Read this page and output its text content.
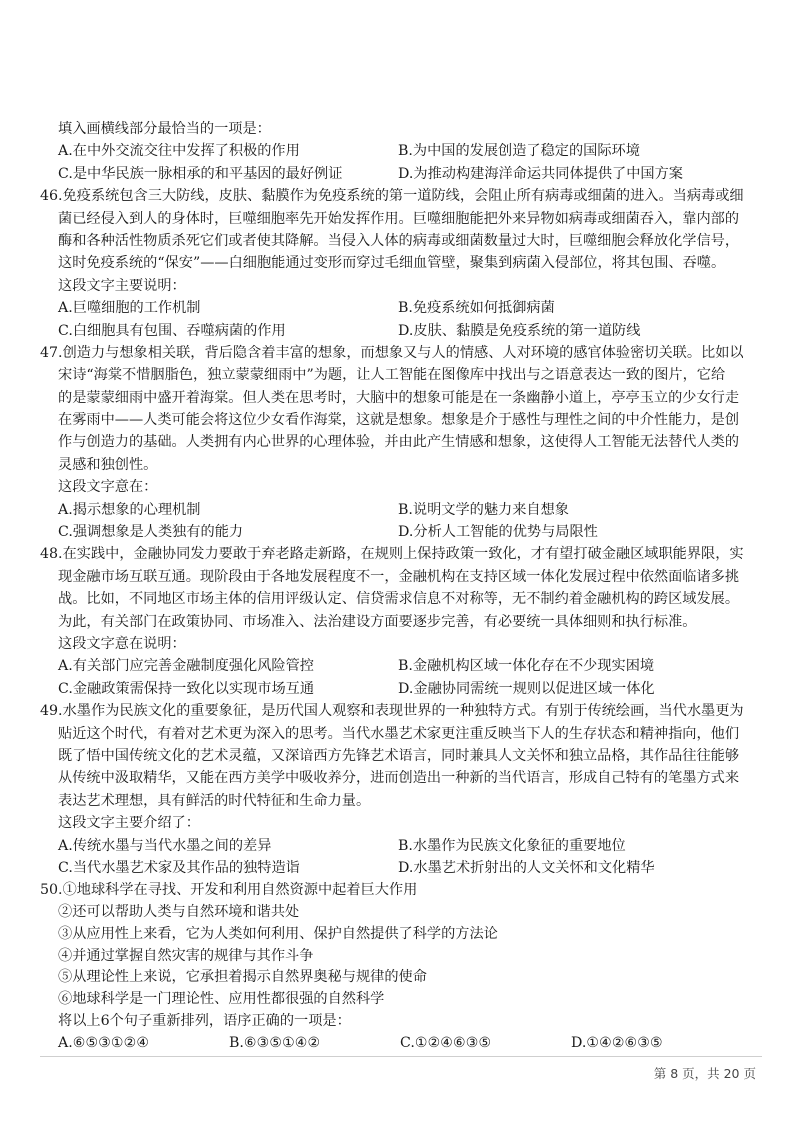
填入画横线部分最恰当的一项是：
A.在中外交流交往中发挥了积极的作用	B.为中国的发展创造了稳定的国际环境
C.是中华民族一脉相承的和平基因的最好例证	D.为推动构建海洋命运共同体提供了中国方案
46.免疫系统包含三大防线，皮肤、黏膜作为免疫系统的第一道防线，会阻止所有病毒或细菌的进入。当病毒或细
菌已经侵入到人的身体时，巨噬细胞率先开始发挥作用。巨噬细胞能把外来异物如病毒或细菌吞入，靠内部的
酶和各种活性物质杀死它们或者使其降解。当侵入人体的病毒或细菌数量过大时，巨噬细胞会释放化学信号，
这时免疫系统的“保安”——白细胞能通过变形而穿过毛细血管壁，聚集到病菌入侵部位，将其包围、吞噬。
这段文字主要说明：
A.巨噬细胞的工作机制	B.免疫系统如何抵御病菌
C.白细胞具有包围、吞噬病菌的作用	D.皮肤、黏膜是免疫系统的第一道防线
47.创造力与想象相关联，背后隐含着丰富的想象，而想象又与人的情感、人对环境的感官体验密切关联。比如以
宋诗“海棠不惜胭脂色，独立蒙蒙细雨中”为题，让人工智能在图像库中找出与之语意表达一致的图片，它给
的是蒙蒙细雨中盛开着海棠。但人类在思考时，大脑中的想象可能是在一条幽静小道上，亭亭玉立的少女行走
在雾雨中——人类可能会将这位少女看作海棠，这就是想象。想象是介于感性与理性之间的中介性能力，是创
作与创造力的基础。人类拥有内心世界的心理体验，并由此产生情感和想象，这使得人工智能无法替代人类的
灵感和独创性。
这段文字意在：
A.揭示想象的心理机制	B.说明文学的魅力来自想象
C.强调想象是人类独有的能力	D.分析人工智能的优势与局限性
48.在实践中，金融协同发力要敢于弃老路走新路，在规则上保持政策一致化，才有望打破金融区域职能界限，实
现金融市场互联互通。现阶段由于各地发展程度不一，金融机构在支持区域一体化发展过程中依然面临诸多挑
战。比如，不同地区市场主体的信用评级认定、信贷需求信息不对称等，无不制约着金融机构的跨区域发展。
为此，有关部门在政策协同、市场准入、法治建设方面要逐步完善，有必要统一具体细则和执行标准。
这段文字意在说明：
A.有关部门应完善金融制度强化风险管控	B.金融机构区域一体化存在不少现实困境
C.金融政策需保持一致化以实现市场互通	D.金融协同需统一规则以促进区域一体化
49.水墨作为民族文化的重要象征，是历代国人观察和表现世界的一种独特方式。有别于传统绘画，当代水墨更为
贴近这个时代，有着对艺术更为深入的思考。当代水墨艺术家更注重反映当下人的生存状态和精神指向，他们
既了悟中国传统文化的艺术灵蕴，又深谙西方先锋艺术语言，同时兼具人文关怀和独立品格，其作品往往能够
从传统中汲取精华，又能在西方美学中吸收养分，进而创造出一种新的当代语言，形成自己特有的笔墨方式来
表达艺术理想，具有鲜活的时代特征和生命力量。
这段文字主要介绍了：
A.传统水墨与当代水墨之间的差异	B.水墨作为民族文化象征的重要地位
C.当代水墨艺术家及其作品的独特造诣	D.水墨艺术折射出的人文关怀和文化精华
50.①地球科学在寻找、开发和利用自然资源中起着巨大作用
②还可以帮助人类与自然环境和谐共处
③从应用性上来看，它为人类如何利用、保护自然提供了科学的方法论
④并通过掌握自然灾害的规律与其作斗争
⑤从理论性上来说，它承担着揭示自然界奥秘与规律的使命
⑥地球科学是一门理论性、应用性都很强的自然科学
将以上6个句子重新排列，语序正确的一项是：
A.⑥⑤③①②④	B.⑥③⑤①④②	C.①②④⑥③⑤	D.①④②⑥③⑤
第 8 页，共 20 页
